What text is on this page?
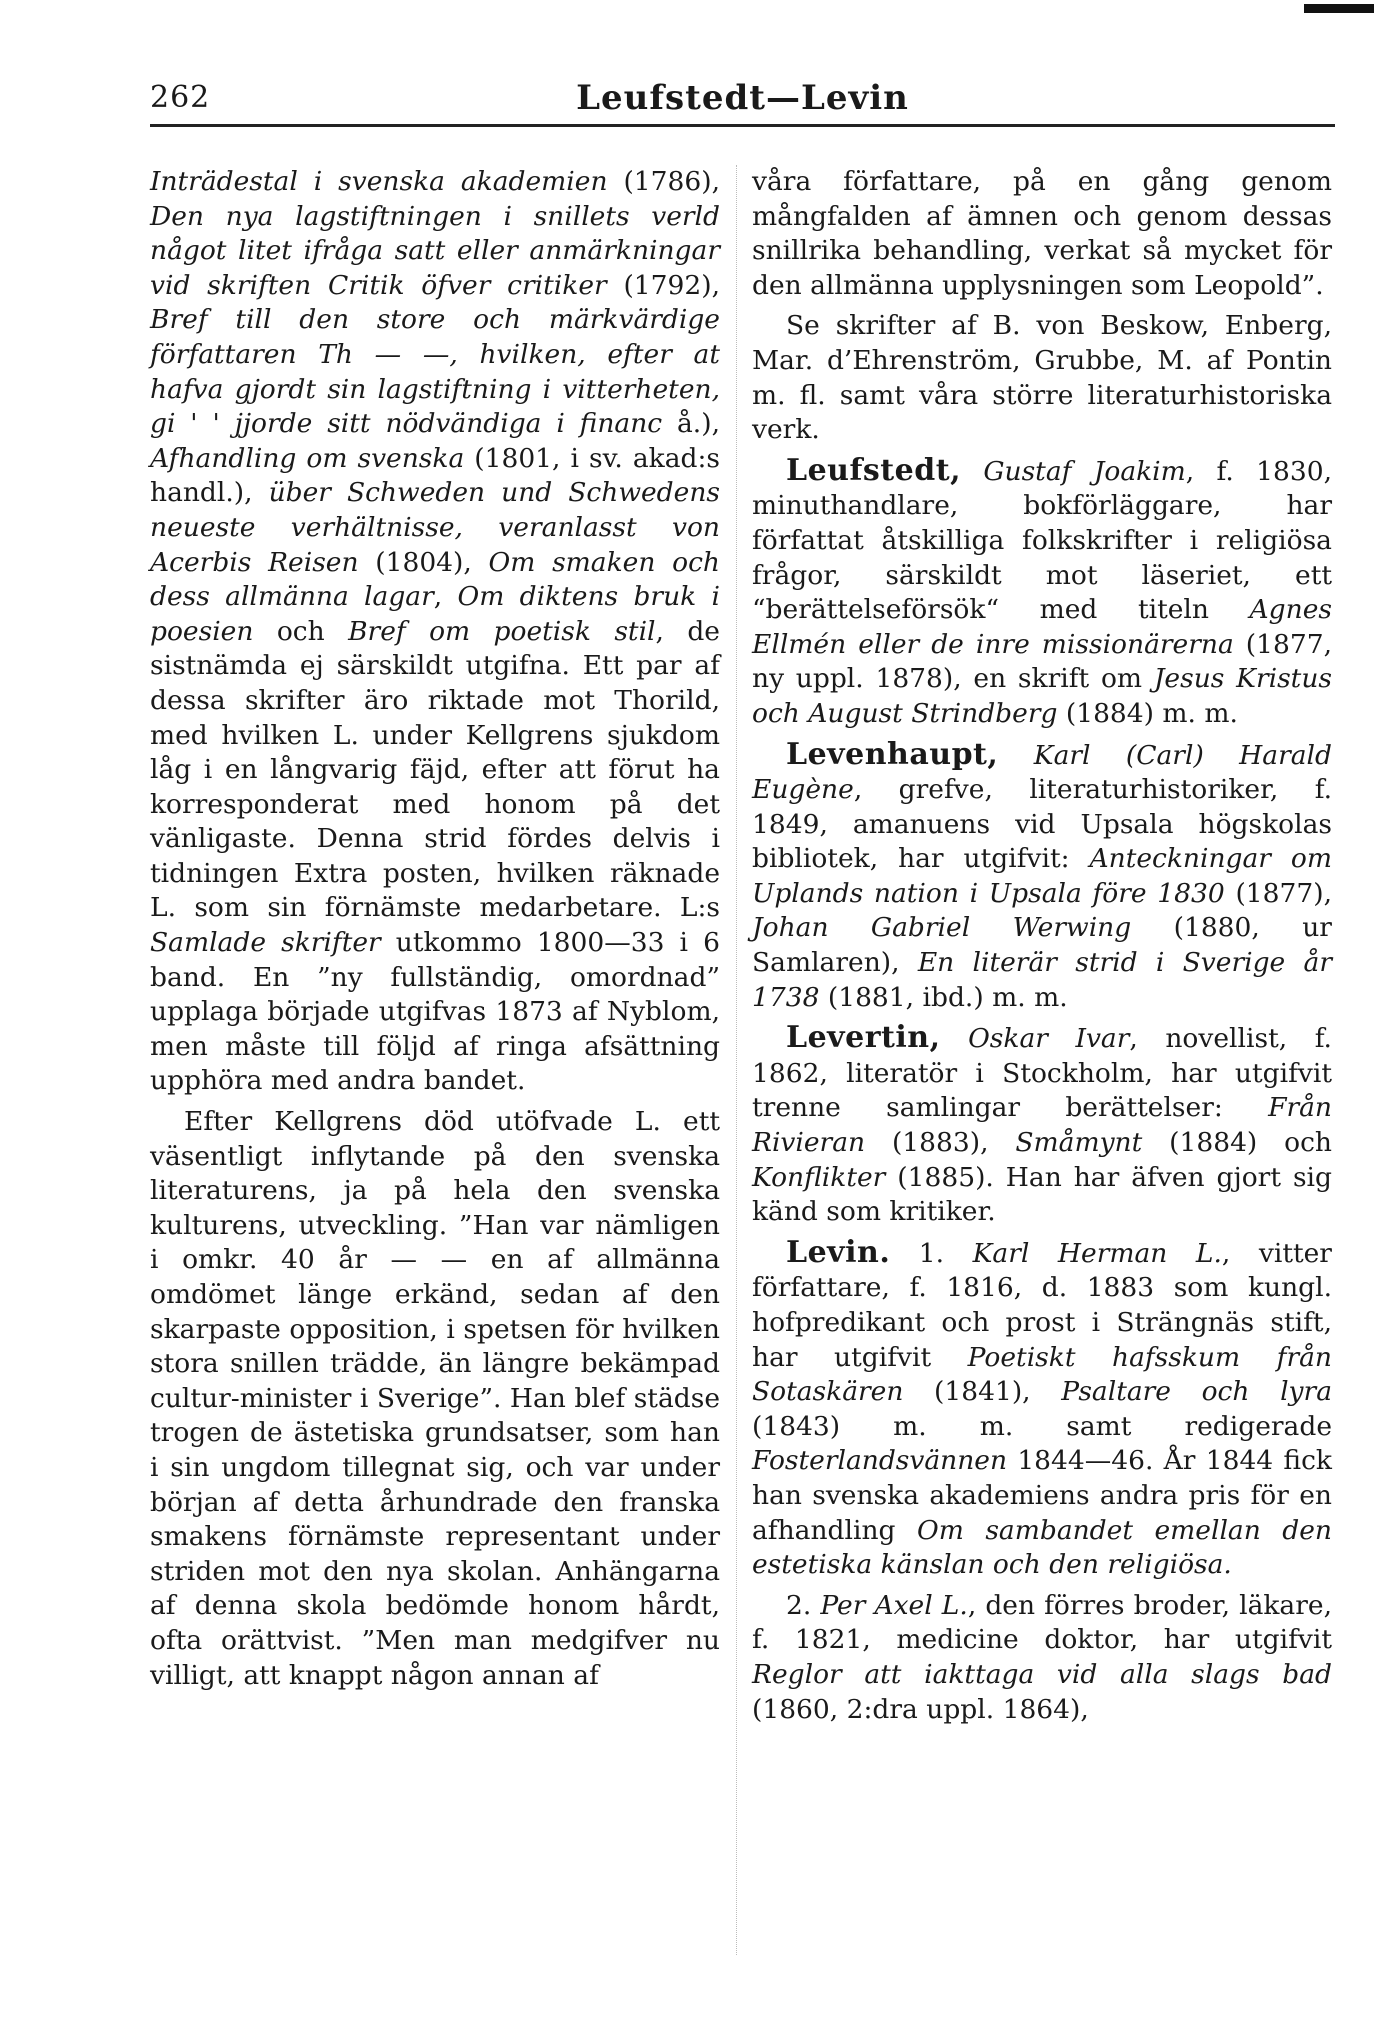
262	Leufstedt—Levin

Inträdestal i svenska akademien (1786), Den nya lagstiftningen i snillets verld något litet ifråga satt eller anmärkningar vid skriften Critik öfver critiker (1792), Bref till den store och märkvärdige författaren Th — —, hvilken, efter at hafva gjordt sin lagstiftning i vitterheten, gi ' ' jjorde sitt nödvändiga i financ å.), Afhandling om svenska (1801, i sv. akad:s handl.), über Schweden und Schwedens neueste verhältnisse, veranlasst von Acerbis Reisen (1804), Om smaken och dess allmänna lagar, Om diktens bruk i poesien och Bref om poetisk stil, de sistnämda ej särskildt utgifna. Ett par af dessa skrifter äro riktade mot Thorild, med hvilken L. under Kellgrens sjukdom låg i en långvarig fäjd, efter att förut ha korresponderat med honom på det vänligaste. Denna strid fördes delvis i tidningen Extra posten, hvilken räknade L. som sin förnämste medarbetare. L:s Samlade skrifter utkommo 1800—33 i 6 band. En ”ny fullständig, omordnad” upplaga började utgifvas 1873 af Nyblom, men måste till följd af ringa afsättning upphöra med andra bandet.

Efter Kellgrens död utöfvade L. ett väsentligt inflytande på den svenska literaturens, ja på hela den svenska kulturens, utveckling. ”Han var nämligen i omkr. 40 år — — en af allmänna omdömet länge erkänd, sedan af den skarpaste opposition, i spetsen för hvilken stora snillen trädde, än längre bekämpad cultur-minister i Sverige”. Han blef städse trogen de ästetiska grundsatser, som han i sin ungdom tillegnat sig, och var under början af detta århundrade den franska smakens förnämste representant under striden mot den nya skolan. Anhängarna af denna skola bedömde honom hårdt, ofta orättvist. ”Men man medgifver nu villigt, att knappt någon annan af

våra författare, på en gång genom mångfalden af ämnen och genom dessas snillrika behandling, verkat så mycket för den allmänna upplysningen som Leopold”.

Se skrifter af B. von Beskow, Enberg, Mar. d’Ehrenström, Grubbe, M. af Pontin m. fl. samt våra större literaturhistoriska verk.

Leufstedt, Gustaf Joakim, f. 1830, minuthandlare, bokförläggare, har författat åtskilliga folkskrifter i religiösa frågor, särskildt mot läseriet, ett “berättelseförsök“ med titeln Agnes Ellmén eller de inre missionärerna (1877, ny uppl. 1878), en skrift om Jesus Kristus och August Strindberg (1884) m. m.

Levenhaupt, Karl (Carl) Harald Eugène, grefve, literaturhistoriker, f. 1849, amanuens vid Upsala högskolas bibliotek, har utgifvit: Anteckningar om Uplands nation i Upsala före 1830 (1877), Johan Gabriel Werwing (1880, ur Samlaren), En literär strid i Sverige år 1738 (1881, ibd.) m. m.

Levertin, Oskar Ivar, novellist, f. 1862, literatör i Stockholm, har utgifvit trenne samlingar berättelser: Från Rivieran (1883), Småmynt (1884) och Konflikter (1885). Han har äfven gjort sig känd som kritiker.

Levin. 1. Karl Herman L., vitter författare, f. 1816, d. 1883 som kungl. hofpredikant och prost i Strängnäs stift, har utgifvit Poetiskt hafsskum från Sotaskären (1841), Psaltare och lyra (1843) m. m. samt redigerade Fosterlandsvännen 1844—46. År 1844 fick han svenska akademiens andra pris för en afhandling Om sambandet emellan den estetiska känslan och den religiösa.

2. Per Axel L., den förres broder, läkare, f. 1821, medicine doktor, har utgifvit Reglor att iakttaga vid alla slags bad (1860, 2:dra uppl. 1864),
